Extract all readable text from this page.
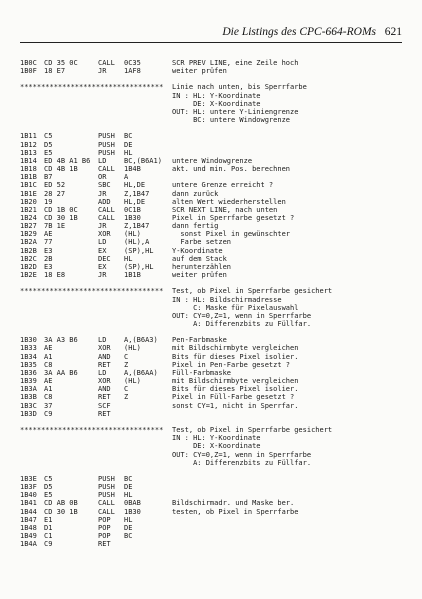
Die Listings des CPC-664-ROMs 621
1B0C CD 35 0C	CALL 0C35	SCR PREV LINE, eine Zeile hoch
1B0F 18 E7	JR	1AF8	weiter prüfen
********************************** Linie nach unten, bis Sperrfarbe
IN : HL: Y-Koordinate
DE: X-Koordinate
OUT: HL: untere Y-Liniengrenze
BC: untere Windowgrenze
1B11 C5	PUSH BC
1B12 D5	PUSH DE
1B13 E5	PUSH HL
1B14 ED 4B A1 B6 LD	BC,(B6A1) untere Windowgrenze
1B18 CD 4B 1B	CALL 1B4B	akt. und min. Pos. berechnen
1B1B B7	OR	A
1B1C ED 52	SBC HL,DE	untere Grenze erreicht ?
1B1E 28 27	JR	Z,1B47	dann zurück
1B20 19	ADD HL,DE	alten Wert wiederherstellen
1B21 CD 1B 0C	CALL 0C1B	SCR NEXT LINE, nach unten
1B24 CD 30 1B	CALL 1B30	Pixel in Sperrfarbe gesetzt ?
1B27 7B 1E	JR	Z,1B47	dann fertig
1B29 AE	XOR (HL)	sonst Pixel in gewünschter
1B2A 77	LD	(HL),A	Farbe setzen
1B2B E3	EX	(SP),HL	Y-Koordinate
1B2C 2B	DEC HL	auf dem Stack
1B2D E3	EX	(SP),HL	herunterzählen
1B2E 18 E8	JR	1B1B	weiter prüfen
********************************** Test, ob Pixel in Sperrfarbe gesichert
IN : HL: Bildschirmadresse
C: Maske für Pixelauswahl
OUT: CY=0,Z=1, wenn in Sperrfarbe
A: Differenzbits zu Füllfar.
1B30 3A A3 B6	LD	A,(B6A3) Pen-Farbmaske
1B33 AE	XOR (HL)	mit Bildschirmbyte vergleichen
1B34 A1	AND C	Bits für dieses Pixel isolier.
1B35 C8	RET Z	Pixel in Pen-Farbe gesetzt ?
1B36 3A AA B6	LD	A,(B6AA) Füll-Farbmaske
1B39 AE	XOR (HL)	mit Bildschirmbyte vergleichen
1B3A A1	AND C	Bits für dieses Pixel isolier.
1B3B C8	RET Z	Pixel in Füll-Farbe gesetzt ?
1B3C 37	SCF	sonst CY=1, nicht in Sperrfar.
1B3D C9	RET
********************************** Test, ob Pixel in Sperrfarbe gesichert
IN : HL: Y-Koordinate
DE: X-Koordinate
OUT: CY=0,Z=1, wenn in Sperrfarbe
A: Differenzbits zu Füllfar.
1B3E C5	PUSH BC
1B3F D5	PUSH DE
1B40 E5	PUSH HL
1B41 CD AB 0B	CALL 0BAB	Bildschirmadr. und Maske ber.
1B44 CD 30 1B	CALL 1B30	testen, ob Pixel in Sperrfarbe
1B47 E1	POP HL
1B48 D1	POP DE
1B49 C1	POP BC
1B4A C9	RET
